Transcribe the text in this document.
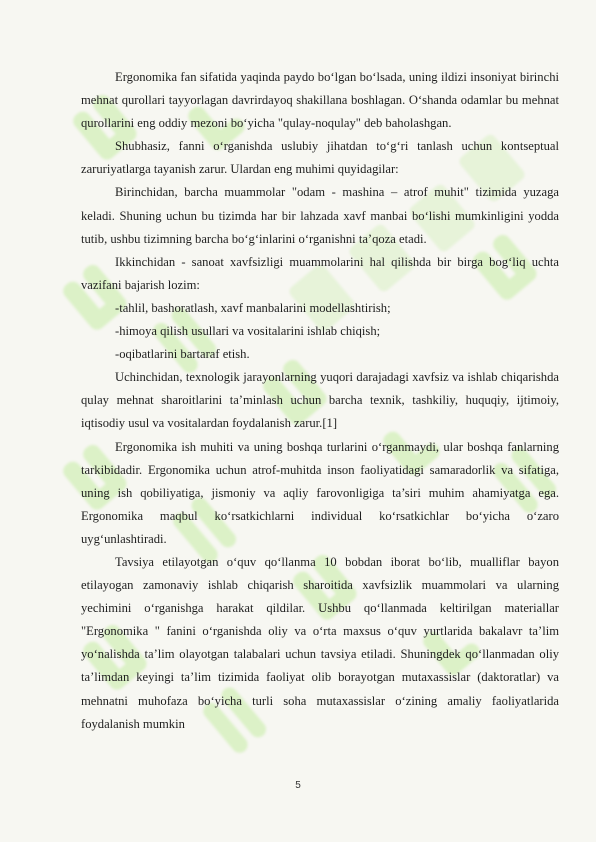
Ergonomika fan sifatida yaqinda paydo bo‘lgan bo‘lsada, uning ildizi insoniyat birinchi mehnat qurollari tayyorlagan davrirdayoq shakillana boshlagan. O‘shanda odamlar bu mehnat qurollarini eng oddiy mezoni bo‘yicha "qulay-noqulay" deb baholashgan.

Shubhasiz, fanni o‘rganishda uslubiy jihatdan to‘g‘ri tanlash uchun kontseptual zaruriyatlarga tayanish zarur. Ulardan eng muhimi quyidagilar:

Birinchidan, barcha muammolar "odam - mashina – atrof muhit" tizimida yuzaga keladi. Shuning uchun bu tizimda har bir lahzada xavf manbai bo‘lishi mumkinligini yodda tutib, ushbu tizimning barcha bo‘g‘inlarini o‘rganishni ta’qoza etadi.

Ikkinchidan - sanoat xavfsizligi muammolarini hal qilishda bir birga bog‘liq uchta vazifani bajarish lozim:

-tahlil, bashoratlash, xavf manbalarini modellashtirish;

-himoya qilish usullari va vositalarini ishlab chiqish;

-oqibatlarini bartaraf etish.

Uchinchidan, texnologik jarayonlarning yuqori darajadagi xavfsiz va ishlab chiqarishda qulay mehnat sharoitlarini ta’minlash uchun barcha texnik, tashkiliy, huquqiy, ijtimoiy, iqtisodiy usul va vositalardan foydalanish zarur.[1]

Ergonomika ish muhiti va uning boshqa turlarini o‘rganmaydi, ular boshqa fanlarning tarkibidadir. Ergonomika uchun atrof-muhitda inson faoliyatidagi samaradorlik va sifatiga, uning ish qobiliyatiga, jismoniy va aqliy farovonligiga ta’siri muhim ahamiyatga ega. Ergonomika maqbul ko‘rsatkichlarni individual ko‘rsatkichlar bo‘yicha o‘zaro uyg‘unlashtiradi.

Tavsiya etilayotgan o‘quv qo‘llanma 10 bobdan iborat bo‘lib, mualliflar bayon etilayogan zamonaviy ishlab chiqarish sharoitida xavfsizlik muammolari va ularning yechimini o‘rganishga harakat qildilar. Ushbu qo‘llanmada keltirilgan materiallar "Ergonomika " fanini o‘rganishda oliy va o‘rta maxsus o‘quv yurtlarida bakalavr ta’lim yo‘nalishda ta’lim olayotgan talabalari uchun tavsiya etiladi. Shuningdek qo‘llanmadan oliy ta’limdan keyingi ta’lim tizimida faoliyat olib borayotgan mutaxassislar (daktoratlar) va mehnatni muhofaza bo‘yicha turli soha mutaxassislar o‘zining amaliy faoliyatlarida foydalanish mumkin

5
